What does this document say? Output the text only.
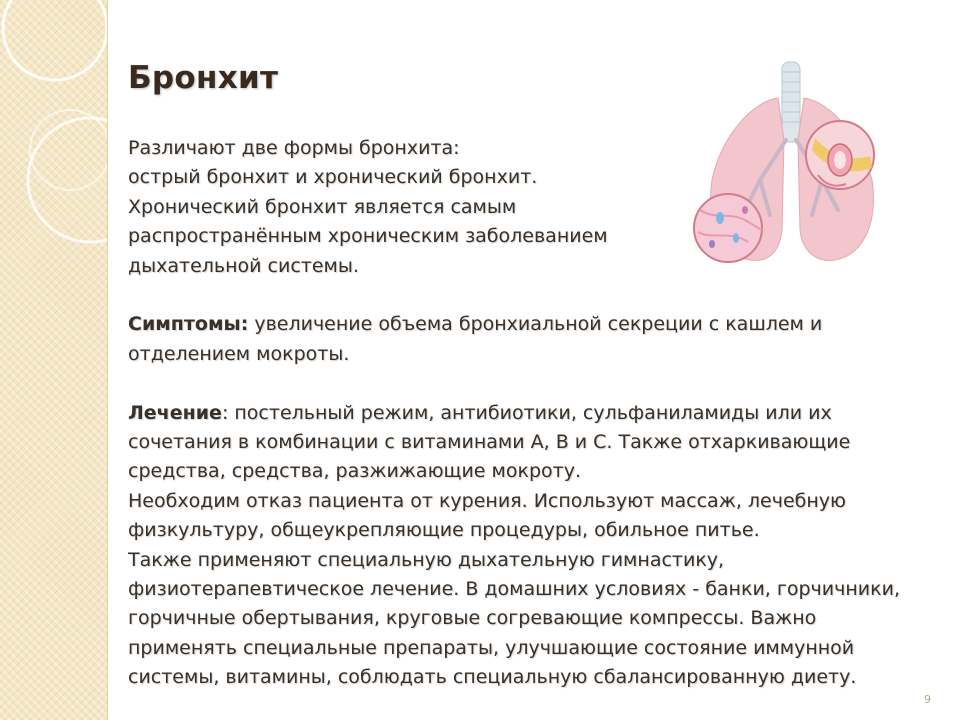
Бронхит
Различают две формы бронхита:
острый бронхит и хронический бронхит.
Хронический бронхит является самым
распространённым хроническим заболеванием
дыхательной системы.
Симптомы: увеличение объема бронхиальной секреции с кашлем и
отделением мокроты.
Лечение: постельный режим, антибиотики, сульфаниламиды или их
сочетания в комбинации с витаминами А, В и С. Также отхаркивающие
средства, средства, разжижающие мокроту.
Необходим отказ пациента от курения. Используют массаж, лечебную
физкультуру, общеукрепляющие процедуры, обильное питье.
Также применяют специальную дыхательную гимнастику,
физиотерапевтическое лечение. В домашних условиях - банки, горчичники,
горчичные обертывания, круговые согревающие компрессы. Важно
применять специальные препараты, улучшающие состояние иммунной
системы, витамины, соблюдать специальную сбалансированную диету.
9
